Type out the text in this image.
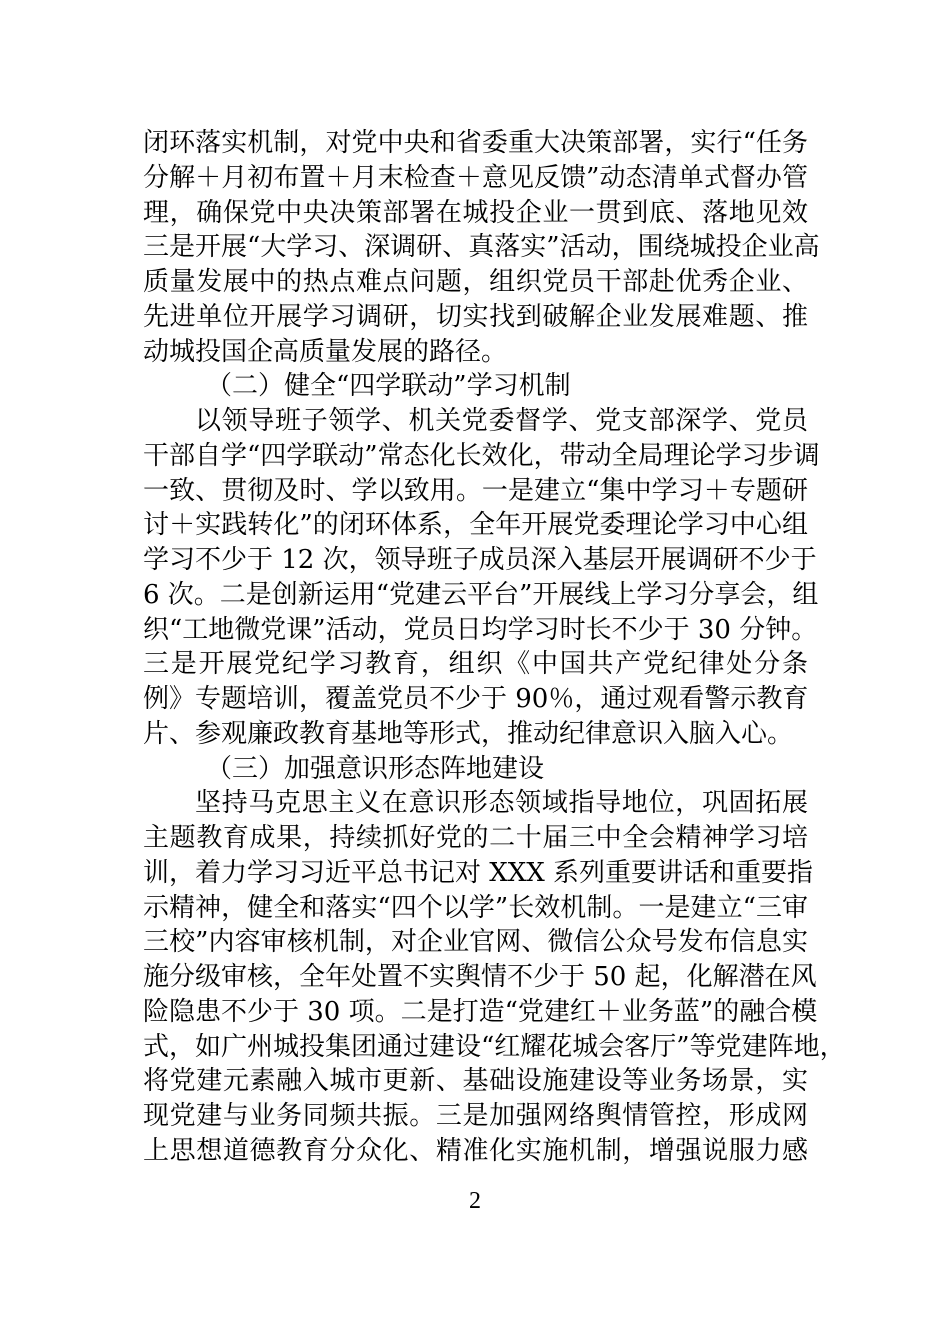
闭环落实机制，对党中央和省委重大决策部署，实行“任务
分解＋月初布置＋月末检查＋意见反馈”动态清单式督办管
理，确保党中央决策部署在城投企业一贯到底、落地见效
三是开展“大学习、深调研、真落实”活动，围绕城投企业高
质量发展中的热点难点问题，组织党员干部赴优秀企业、
先进单位开展学习调研，切实找到破解企业发展难题、推
动城投国企高质量发展的路径。
（二）健全“四学联动”学习机制
以领导班子领学、机关党委督学、党支部深学、党员
干部自学“四学联动”常态化长效化，带动全局理论学习步调
一致、贯彻及时、学以致用。一是建立“集中学习＋专题研
讨＋实践转化”的闭环体系，全年开展党委理论学习中心组
学习不少于 12 次，领导班子成员深入基层开展调研不少于
6 次。二是创新运用“党建云平台”开展线上学习分享会，组
织“工地微党课”活动，党员日均学习时长不少于 30 分钟。
三是开展党纪学习教育，组织《中国共产党纪律处分条
例》专题培训，覆盖党员不少于 90％，通过观看警示教育
片、参观廉政教育基地等形式，推动纪律意识入脑入心。
（三）加强意识形态阵地建设
坚持马克思主义在意识形态领域指导地位，巩固拓展
主题教育成果，持续抓好党的二十届三中全会精神学习培
训，着力学习习近平总书记对 XXX 系列重要讲话和重要指
示精神，健全和落实“四个以学”长效机制。一是建立“三审
三校”内容审核机制，对企业官网、微信公众号发布信息实
施分级审核，全年处置不实舆情不少于 50 起，化解潜在风
险隐患不少于 30 项。二是打造“党建红＋业务蓝”的融合模
式，如广州城投集团通过建设“红耀花城会客厅”等党建阵地，
将党建元素融入城市更新、基础设施建设等业务场景，实
现党建与业务同频共振。三是加强网络舆情管控，形成网
上思想道德教育分众化、精准化实施机制，增强说服力感
2
